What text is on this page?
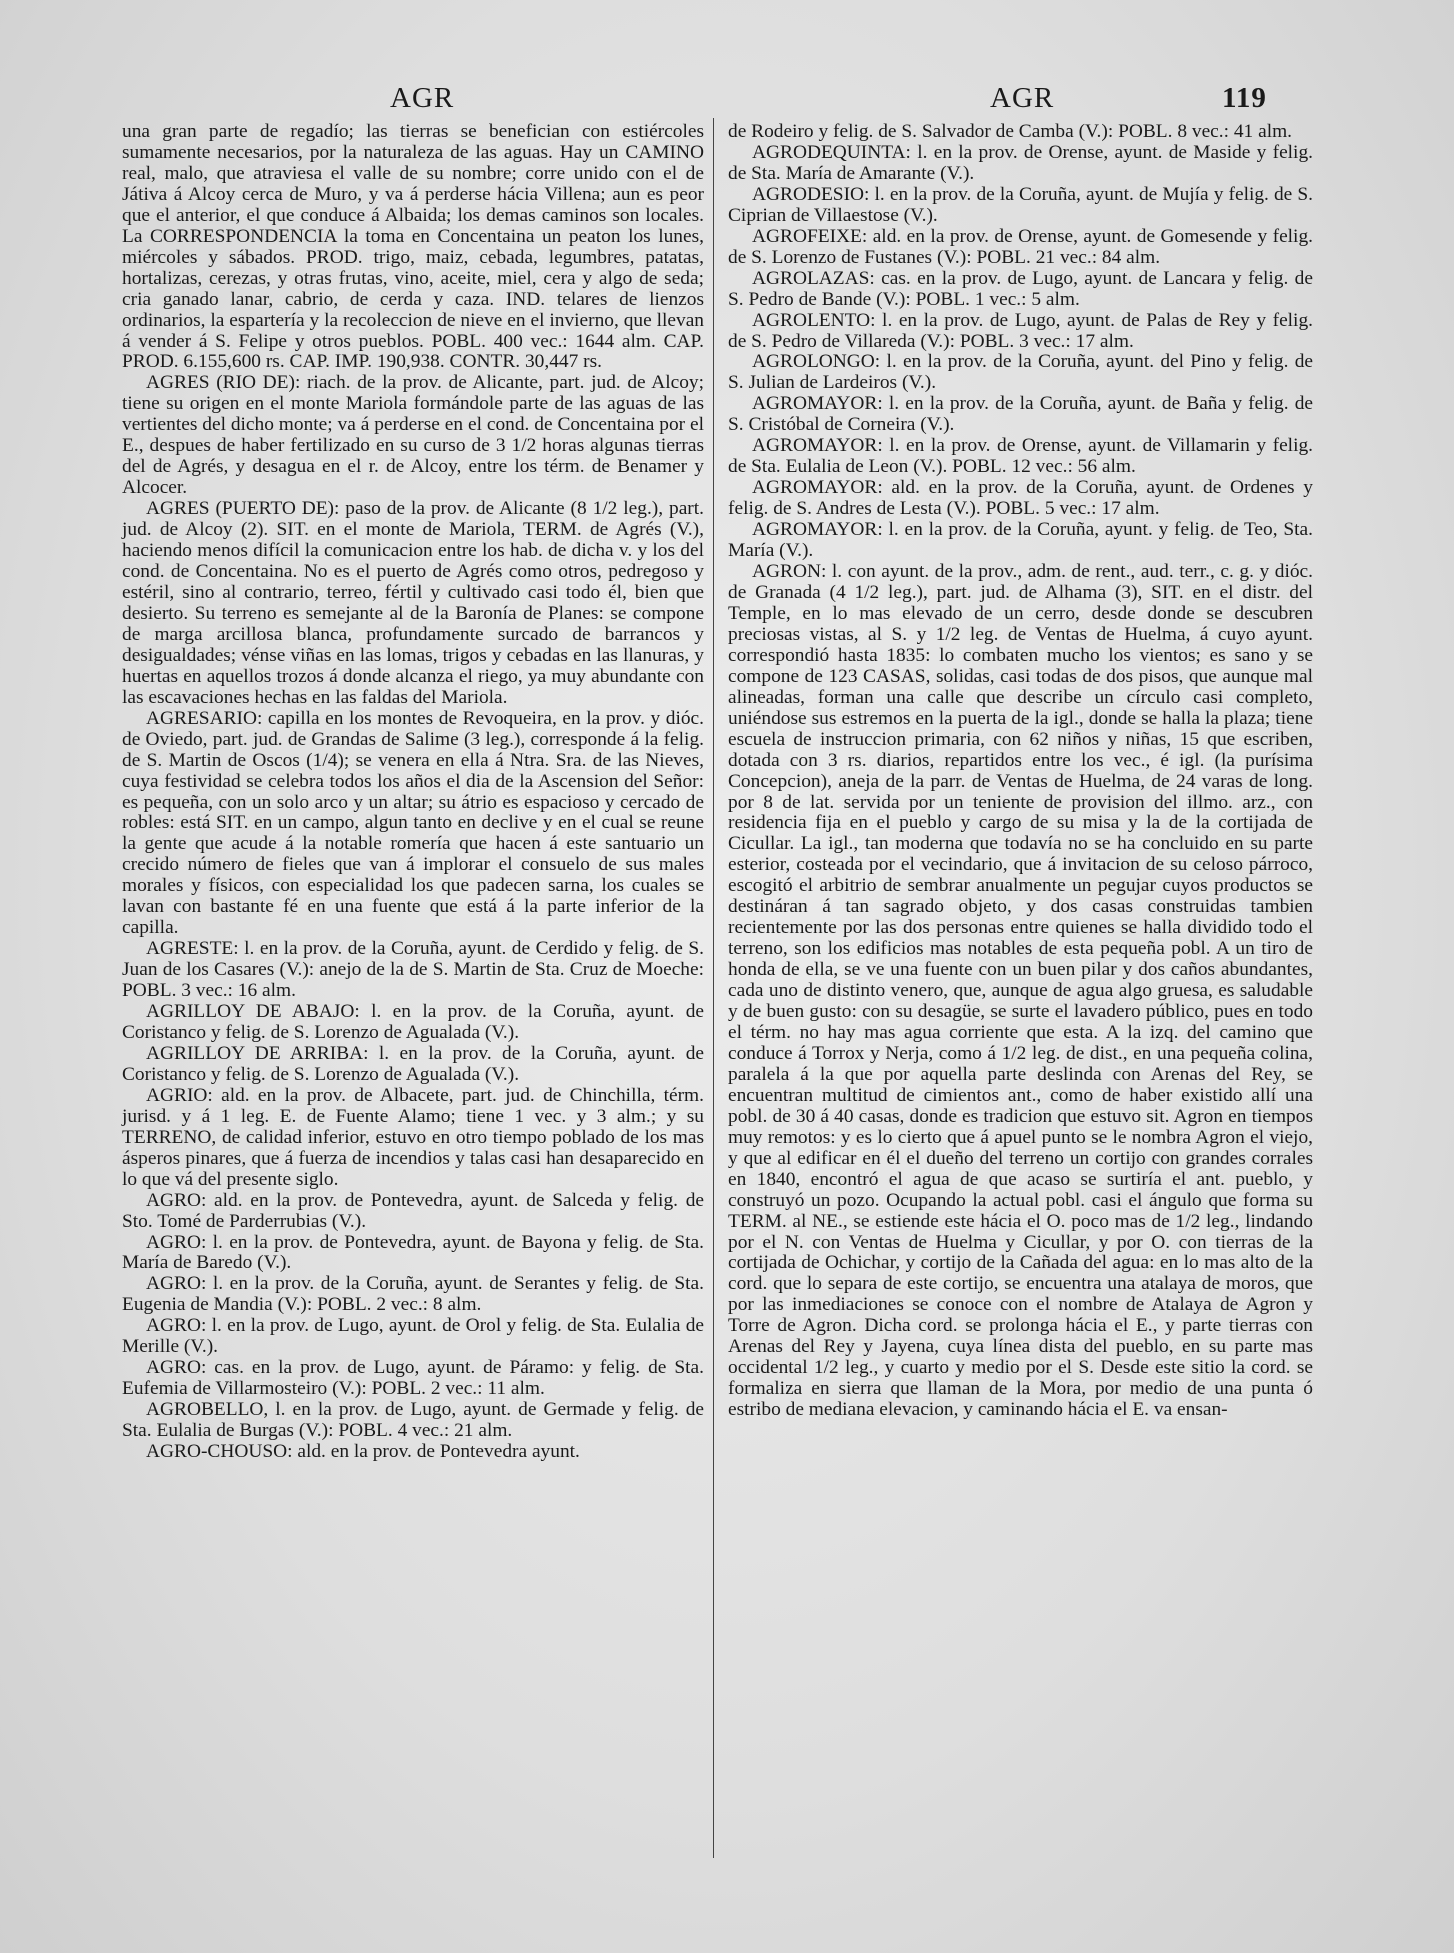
AGR	AGR	119

una gran parte de regadío; las tierras se benefician con estiércoles sumamente necesarios, por la naturaleza de las aguas. Hay un CAMINO real, malo, que atraviesa el valle de su nombre; corre unido con el de Játiva á Alcoy cerca de Muro, y va á perderse hácia Villena; aun es peor que el anterior, el que conduce á Albaida; los demas caminos son locales. La CORRESPONDENCIA la toma en Concentaina un peaton los lunes, miércoles y sábados. PROD. trigo, maiz, cebada, legumbres, patatas, hortalizas, cerezas, y otras frutas, vino, aceite, miel, cera y algo de seda; cria ganado lanar, cabrio, de cerda y caza. IND. telares de lienzos ordinarios, la espartería y la recoleccion de nieve en el invierno, que llevan á vender á S. Felipe y otros pueblos. POBL. 400 vec.: 1644 alm. CAP. PROD. 6.155,600 rs. CAP. IMP. 190,938. CONTR. 30,447 rs.

AGRES (RIO DE): riach. de la prov. de Alicante, part. jud. de Alcoy; tiene su origen en el monte Mariola formándole parte de las aguas de las vertientes del dicho monte; va á perderse en el cond. de Concentaina por el E., despues de haber fertilizado en su curso de 3 1/2 horas algunas tierras del de Agrés, y desagua en el r. de Alcoy, entre los térm. de Benamer y Alcocer.

AGRES (PUERTO DE): paso de la prov. de Alicante (8 1/2 leg.), part. jud. de Alcoy (2). SIT. en el monte de Mariola, TERM. de Agrés (V.), haciendo menos difícil la comunicacion entre los hab. de dicha v. y los del cond. de Concentaina. No es el puerto de Agrés como otros, pedregoso y estéril, sino al contrario, terreo, fértil y cultivado casi todo él, bien que desierto. Su terreno es semejante al de la Baronía de Planes: se compone de marga arcillosa blanca, profundamente surcado de barrancos y desigualdades; vénse viñas en las lomas, trigos y cebadas en las llanuras, y huertas en aquellos trozos á donde alcanza el riego, ya muy abundante con las escavaciones hechas en las faldas del Mariola.

AGRESARIO: capilla en los montes de Revoqueira, en la prov. y dióc. de Oviedo, part. jud. de Grandas de Salime (3 leg.), corresponde á la felig. de S. Martin de Oscos (1/4); se venera en ella á Ntra. Sra. de las Nieves, cuya festividad se celebra todos los años el dia de la Ascension del Señor: es pequeña, con un solo arco y un altar; su átrio es espacioso y cercado de robles: está SIT. en un campo, algun tanto en declive y en el cual se reune la gente que acude á la notable romería que hacen á este santuario un crecido número de fieles que van á implorar el consuelo de sus males morales y físicos, con especialidad los que padecen sarna, los cuales se lavan con bastante fé en una fuente que está á la parte inferior de la capilla.

AGRESTE: l. en la prov. de la Coruña, ayunt. de Cerdido y felig. de S. Juan de los Casares (V.): anejo de la de S. Martin de Sta. Cruz de Moeche: POBL. 3 vec.: 16 alm.

AGRILLOY DE ABAJO: l. en la prov. de la Coruña, ayunt. de Coristanco y felig. de S. Lorenzo de Agualada (V.).

AGRILLOY DE ARRIBA: l. en la prov. de la Coruña, ayunt. de Coristanco y felig. de S. Lorenzo de Agualada (V.).

AGRIO: ald. en la prov. de Albacete, part. jud. de Chinchilla, térm. jurisd. y á 1 leg. E. de Fuente Alamo; tiene 1 vec. y 3 alm.; y su TERRENO, de calidad inferior, estuvo en otro tiempo poblado de los mas ásperos pinares, que á fuerza de incendios y talas casi han desaparecido en lo que vá del presente siglo.

AGRO: ald. en la prov. de Pontevedra, ayunt. de Salceda y felig. de Sto. Tomé de Parderrubias (V.).

AGRO: l. en la prov. de Pontevedra, ayunt. de Bayona y felig. de Sta. María de Baredo (V.).

AGRO: l. en la prov. de la Coruña, ayunt. de Serantes y felig. de Sta. Eugenia de Mandia (V.): POBL. 2 vec.: 8 alm.

AGRO: l. en la prov. de Lugo, ayunt. de Orol y felig. de Sta. Eulalia de Merille (V.).

AGRO: cas. en la prov. de Lugo, ayunt. de Páramo: y felig. de Sta. Eufemia de Villarmosteiro (V.): POBL. 2 vec.: 11 alm.

AGROBELLO, l. en la prov. de Lugo, ayunt. de Germade y felig. de Sta. Eulalia de Burgas (V.): POBL. 4 vec.: 21 alm.

AGRO-CHOUSO: ald. en la prov. de Pontevedra ayunt.

de Rodeiro y felig. de S. Salvador de Camba (V.): POBL. 8 vec.: 41 alm.

AGRODEQUINTA: l. en la prov. de Orense, ayunt. de Maside y felig. de Sta. María de Amarante (V.).

AGRODESIO: l. en la prov. de la Coruña, ayunt. de Mujía y felig. de S. Ciprian de Villaestose (V.).

AGROFEIXE: ald. en la prov. de Orense, ayunt. de Gomesende y felig. de S. Lorenzo de Fustanes (V.): POBL. 21 vec.: 84 alm.

AGROLAZAS: cas. en la prov. de Lugo, ayunt. de Lancara y felig. de S. Pedro de Bande (V.): POBL. 1 vec.: 5 alm.

AGROLENTO: l. en la prov. de Lugo, ayunt. de Palas de Rey y felig. de S. Pedro de Villareda (V.): POBL. 3 vec.: 17 alm.

AGROLONGO: l. en la prov. de la Coruña, ayunt. del Pino y felig. de S. Julian de Lardeiros (V.).

AGROMAYOR: l. en la prov. de la Coruña, ayunt. de Baña y felig. de S. Cristóbal de Corneira (V.).

AGROMAYOR: l. en la prov. de Orense, ayunt. de Villamarin y felig. de Sta. Eulalia de Leon (V.). POBL. 12 vec.: 56 alm.

AGROMAYOR: ald. en la prov. de la Coruña, ayunt. de Ordenes y felig. de S. Andres de Lesta (V.). POBL. 5 vec.: 17 alm.

AGROMAYOR: l. en la prov. de la Coruña, ayunt. y felig. de Teo, Sta. María (V.).

AGRON: l. con ayunt. de la prov., adm. de rent., aud. terr., c. g. y dióc. de Granada (4 1/2 leg.), part. jud. de Alhama (3), SIT. en el distr. del Temple, en lo mas elevado de un cerro, desde donde se descubren preciosas vistas, al S. y 1/2 leg. de Ventas de Huelma, á cuyo ayunt. correspondió hasta 1835: lo combaten mucho los vientos; es sano y se compone de 123 CASAS, solidas, casi todas de dos pisos, que aunque mal alineadas, forman una calle que describe un círculo casi completo, uniéndose sus estremos en la puerta de la igl., donde se halla la plaza; tiene escuela de instruccion primaria, con 62 niños y niñas, 15 que escriben, dotada con 3 rs. diarios, repartidos entre los vec., é igl. (la purísima Concepcion), aneja de la parr. de Ventas de Huelma, de 24 varas de long. por 8 de lat. servida por un teniente de provision del illmo. arz., con residencia fija en el pueblo y cargo de su misa y la de la cortijada de Cicullar. La igl., tan moderna que todavía no se ha concluido en su parte esterior, costeada por el vecindario, que á invitacion de su celoso párroco, escogitó el arbitrio de sembrar anualmente un pegujar cuyos productos se destináran á tan sagrado objeto, y dos casas construidas tambien recientemente por las dos personas entre quienes se halla dividido todo el terreno, son los edificios mas notables de esta pequeña pobl. A un tiro de honda de ella, se ve una fuente con un buen pilar y dos caños abundantes, cada uno de distinto venero, que, aunque de agua algo gruesa, es saludable y de buen gusto: con su desagüe, se surte el lavadero público, pues en todo el térm. no hay mas agua corriente que esta. A la izq. del camino que conduce á Torrox y Nerja, como á 1/2 leg. de dist., en una pequeña colina, paralela á la que por aquella parte deslinda con Arenas del Rey, se encuentran multitud de cimientos ant., como de haber existido allí una pobl. de 30 á 40 casas, donde es tradicion que estuvo sit. Agron en tiempos muy remotos: y es lo cierto que á apuel punto se le nombra Agron el viejo, y que al edificar en él el dueño del terreno un cortijo con grandes corrales en 1840, encontró el agua de que acaso se surtiría el ant. pueblo, y construyó un pozo. Ocupando la actual pobl. casi el ángulo que forma su TERM. al NE., se estiende este hácia el O. poco mas de 1/2 leg., lindando por el N. con Ventas de Huelma y Cicullar, y por O. con tierras de la cortijada de Ochichar, y cortijo de la Cañada del agua: en lo mas alto de la cord. que lo separa de este cortijo, se encuentra una atalaya de moros, que por las inmediaciones se conoce con el nombre de Atalaya de Agron y Torre de Agron. Dicha cord. se prolonga hácia el E., y parte tierras con Arenas del Rey y Jayena, cuya línea dista del pueblo, en su parte mas occidental 1/2 leg., y cuarto y medio por el S. Desde este sitio la cord. se formaliza en sierra que llaman de la Mora, por medio de una punta ó estribo de mediana elevacion, y caminando hácia el E. va ensan-
